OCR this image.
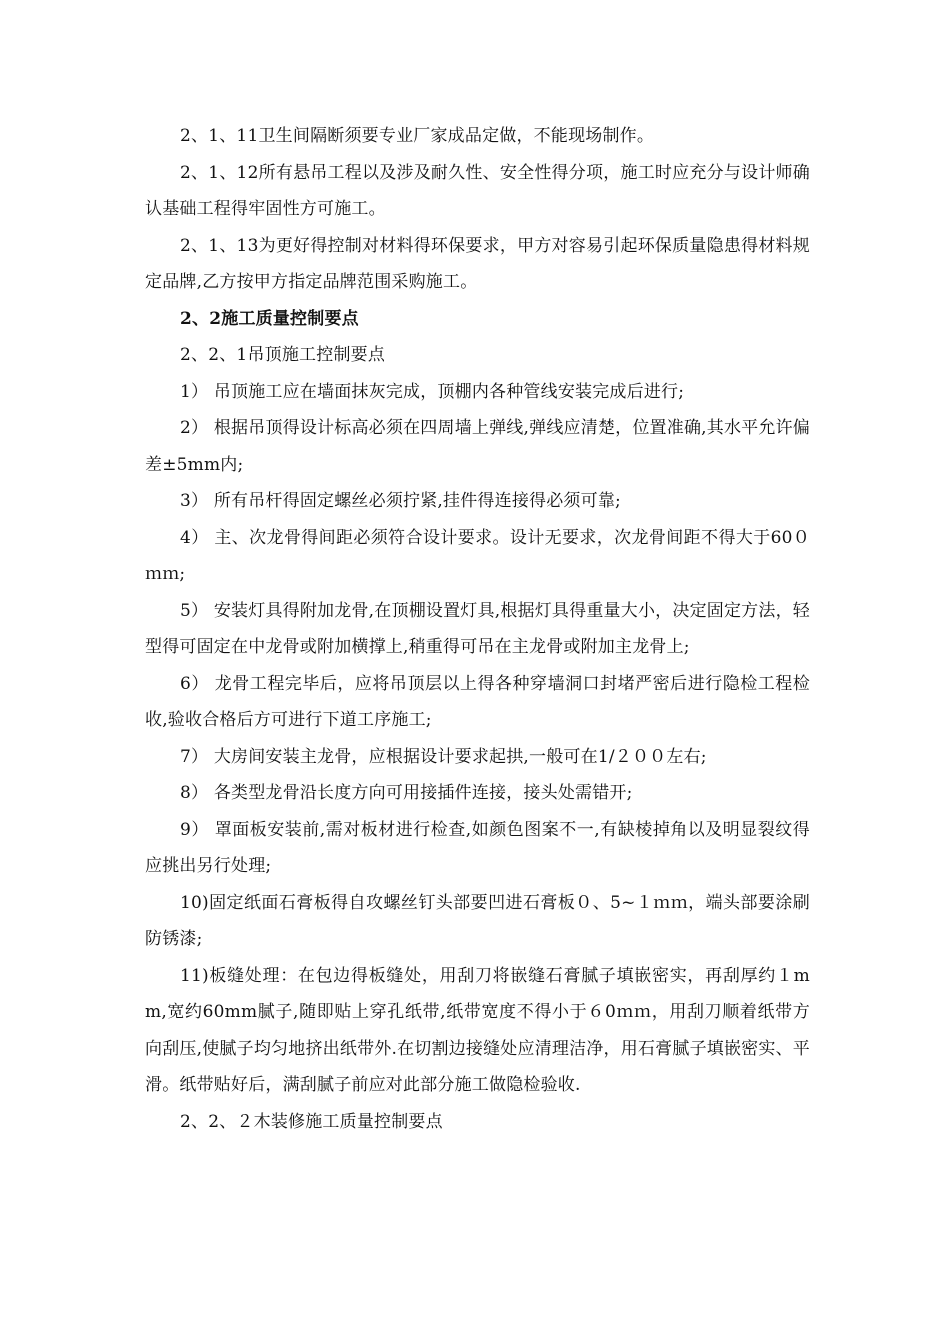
2、1、11卫生间隔断须要专业厂家成品定做，不能现场制作。

2、1、12所有悬吊工程以及涉及耐久性、安全性得分项，施工时应充分与设计师确认基础工程得牢固性方可施工。

2、1、13为更好得控制对材料得环保要求，甲方对容易引起环保质量隐患得材料规定品牌,乙方按甲方指定品牌范围采购施工。

2、2施工质量控制要点

2、2、1吊顶施工控制要点

1） 吊顶施工应在墙面抹灰完成，顶棚内各种管线安装完成后进行;

2） 根据吊顶得设计标高必须在四周墙上弹线,弹线应清楚，位置准确,其水平允许偏差±5mm内;

3） 所有吊杆得固定螺丝必须拧紧,挂件得连接得必须可靠;

4） 主、次龙骨得间距必须符合设计要求。设计无要求，次龙骨间距不得大于60０ｍｍ;

5） 安装灯具得附加龙骨,在顶棚设置灯具,根据灯具得重量大小，决定固定方法，轻型得可固定在中龙骨或附加横撑上,稍重得可吊在主龙骨或附加主龙骨上;

6） 龙骨工程完毕后，应将吊顶层以上得各种穿墙洞口封堵严密后进行隐检工程检收,验收合格后方可进行下道工序施工;

7） 大房间安装主龙骨，应根据设计要求起拱,一般可在1/２００左右;

8） 各类型龙骨沿长度方向可用接插件连接，接头处需错开;

9） 罩面板安装前,需对板材进行检查,如颜色图案不一,有缺棱掉角以及明显裂纹得应挑出另行处理;

10)固定纸面石膏板得自攻螺丝钉头部要凹进石膏板０、5~１ｍｍ，端头部要涂刷防锈漆;

11)板缝处理：在包边得板缝处，用刮刀将嵌缝石膏腻子填嵌密实，再刮厚约１mm,宽约60mm腻子,随即贴上穿孔纸带,纸带宽度不得小于６0ｍｍ，用刮刀顺着纸带方向刮压,使腻子均匀地挤出纸带外.在切割边接缝处应清理洁净，用石膏腻子填嵌密实、平滑。纸带贴好后，满刮腻子前应对此部分施工做隐检验收.

2、2、２木装修施工质量控制要点
